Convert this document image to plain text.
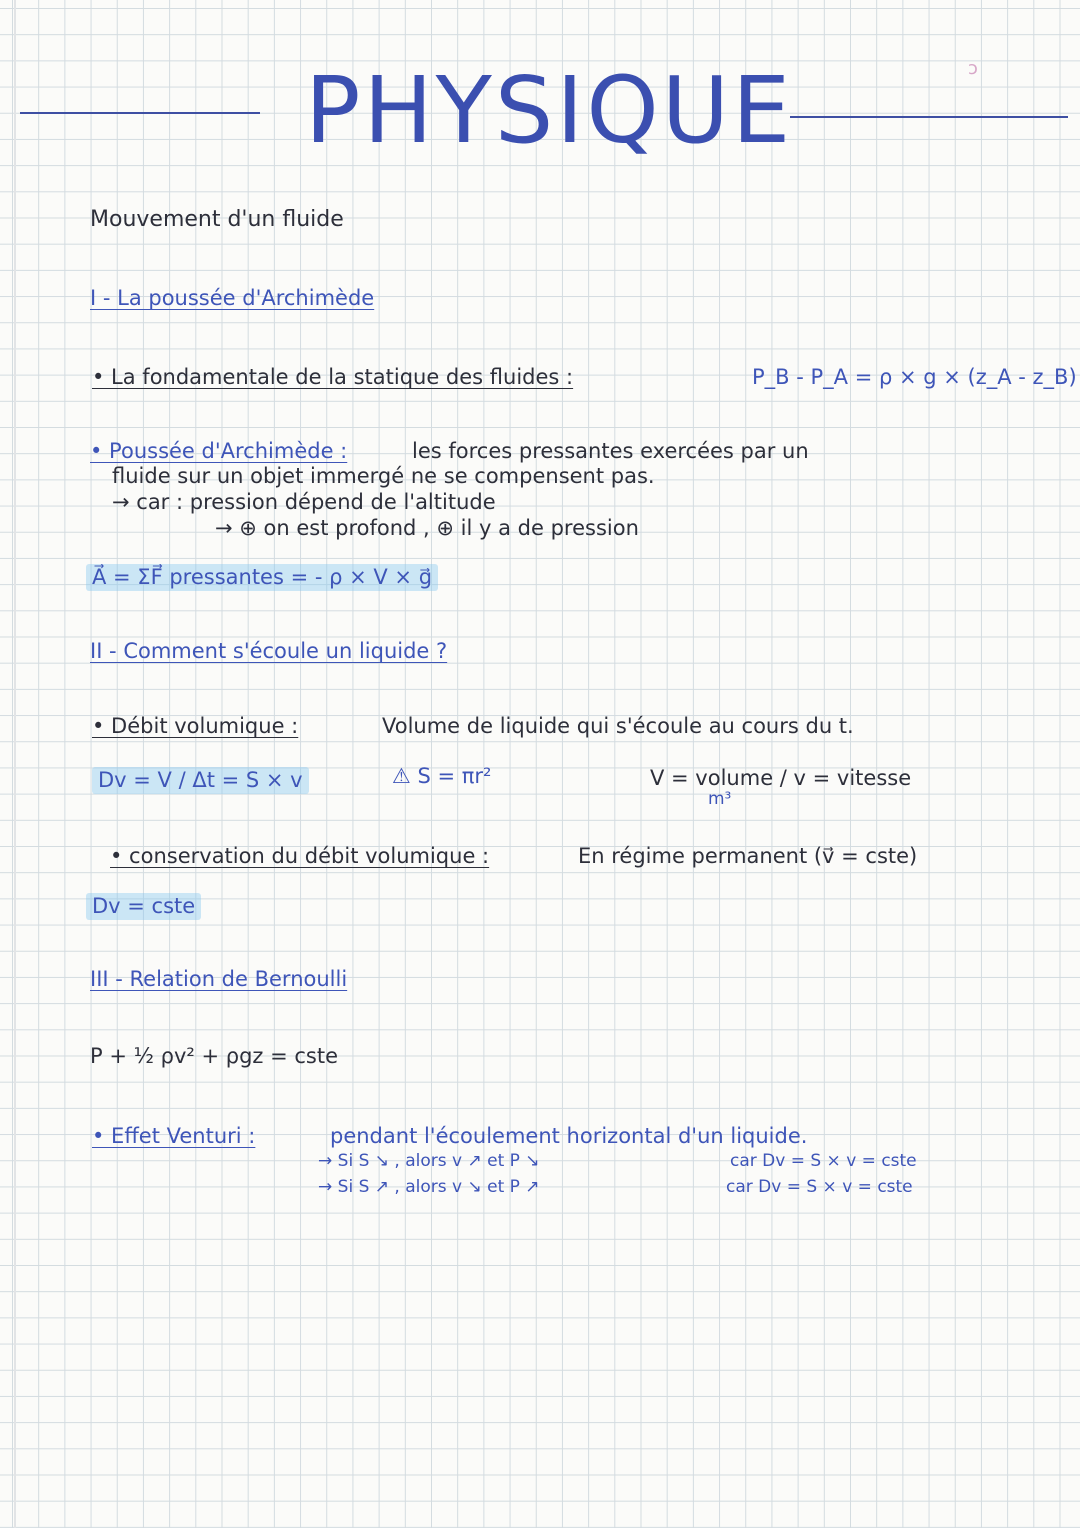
PHYSIQUE	ɔ
Mouvement d'un fluide
I - La poussée d'Archimède
• La fondamentale de la statique des fluides :	P_B - P_A = ρ × g × (z_A - z_B)
• Poussée d'Archimède :	les forces pressantes exercées par un
fluide sur un objet immergé ne se compensent pas.
→ car : pression dépend de l'altitude
→ ⊕ on est profond , ⊕ il y a de pression
A⃗ = ΣF⃗ pressantes = - ρ × V × g⃗
II - Comment s'écoule un liquide ?
• Débit volumique :	Volume de liquide qui s'écoule au cours du t.
Dv = V / Δt = S × v	⚠ S = πr²	V = volume / v = vitesse
m³
• conservation du débit volumique :	En régime permanent (v⃗ = cste)
Dv = cste
III - Relation de Bernoulli
P + ½ ρv² + ρgz = cste
• Effet Venturi :	pendant l'écoulement horizontal d'un liquide.
→ Si S ↘ , alors v ↗ et P ↘	car Dv = S × v = cste
→ Si S ↗ , alors v ↘ et P ↗	car Dv = S × v = cste
